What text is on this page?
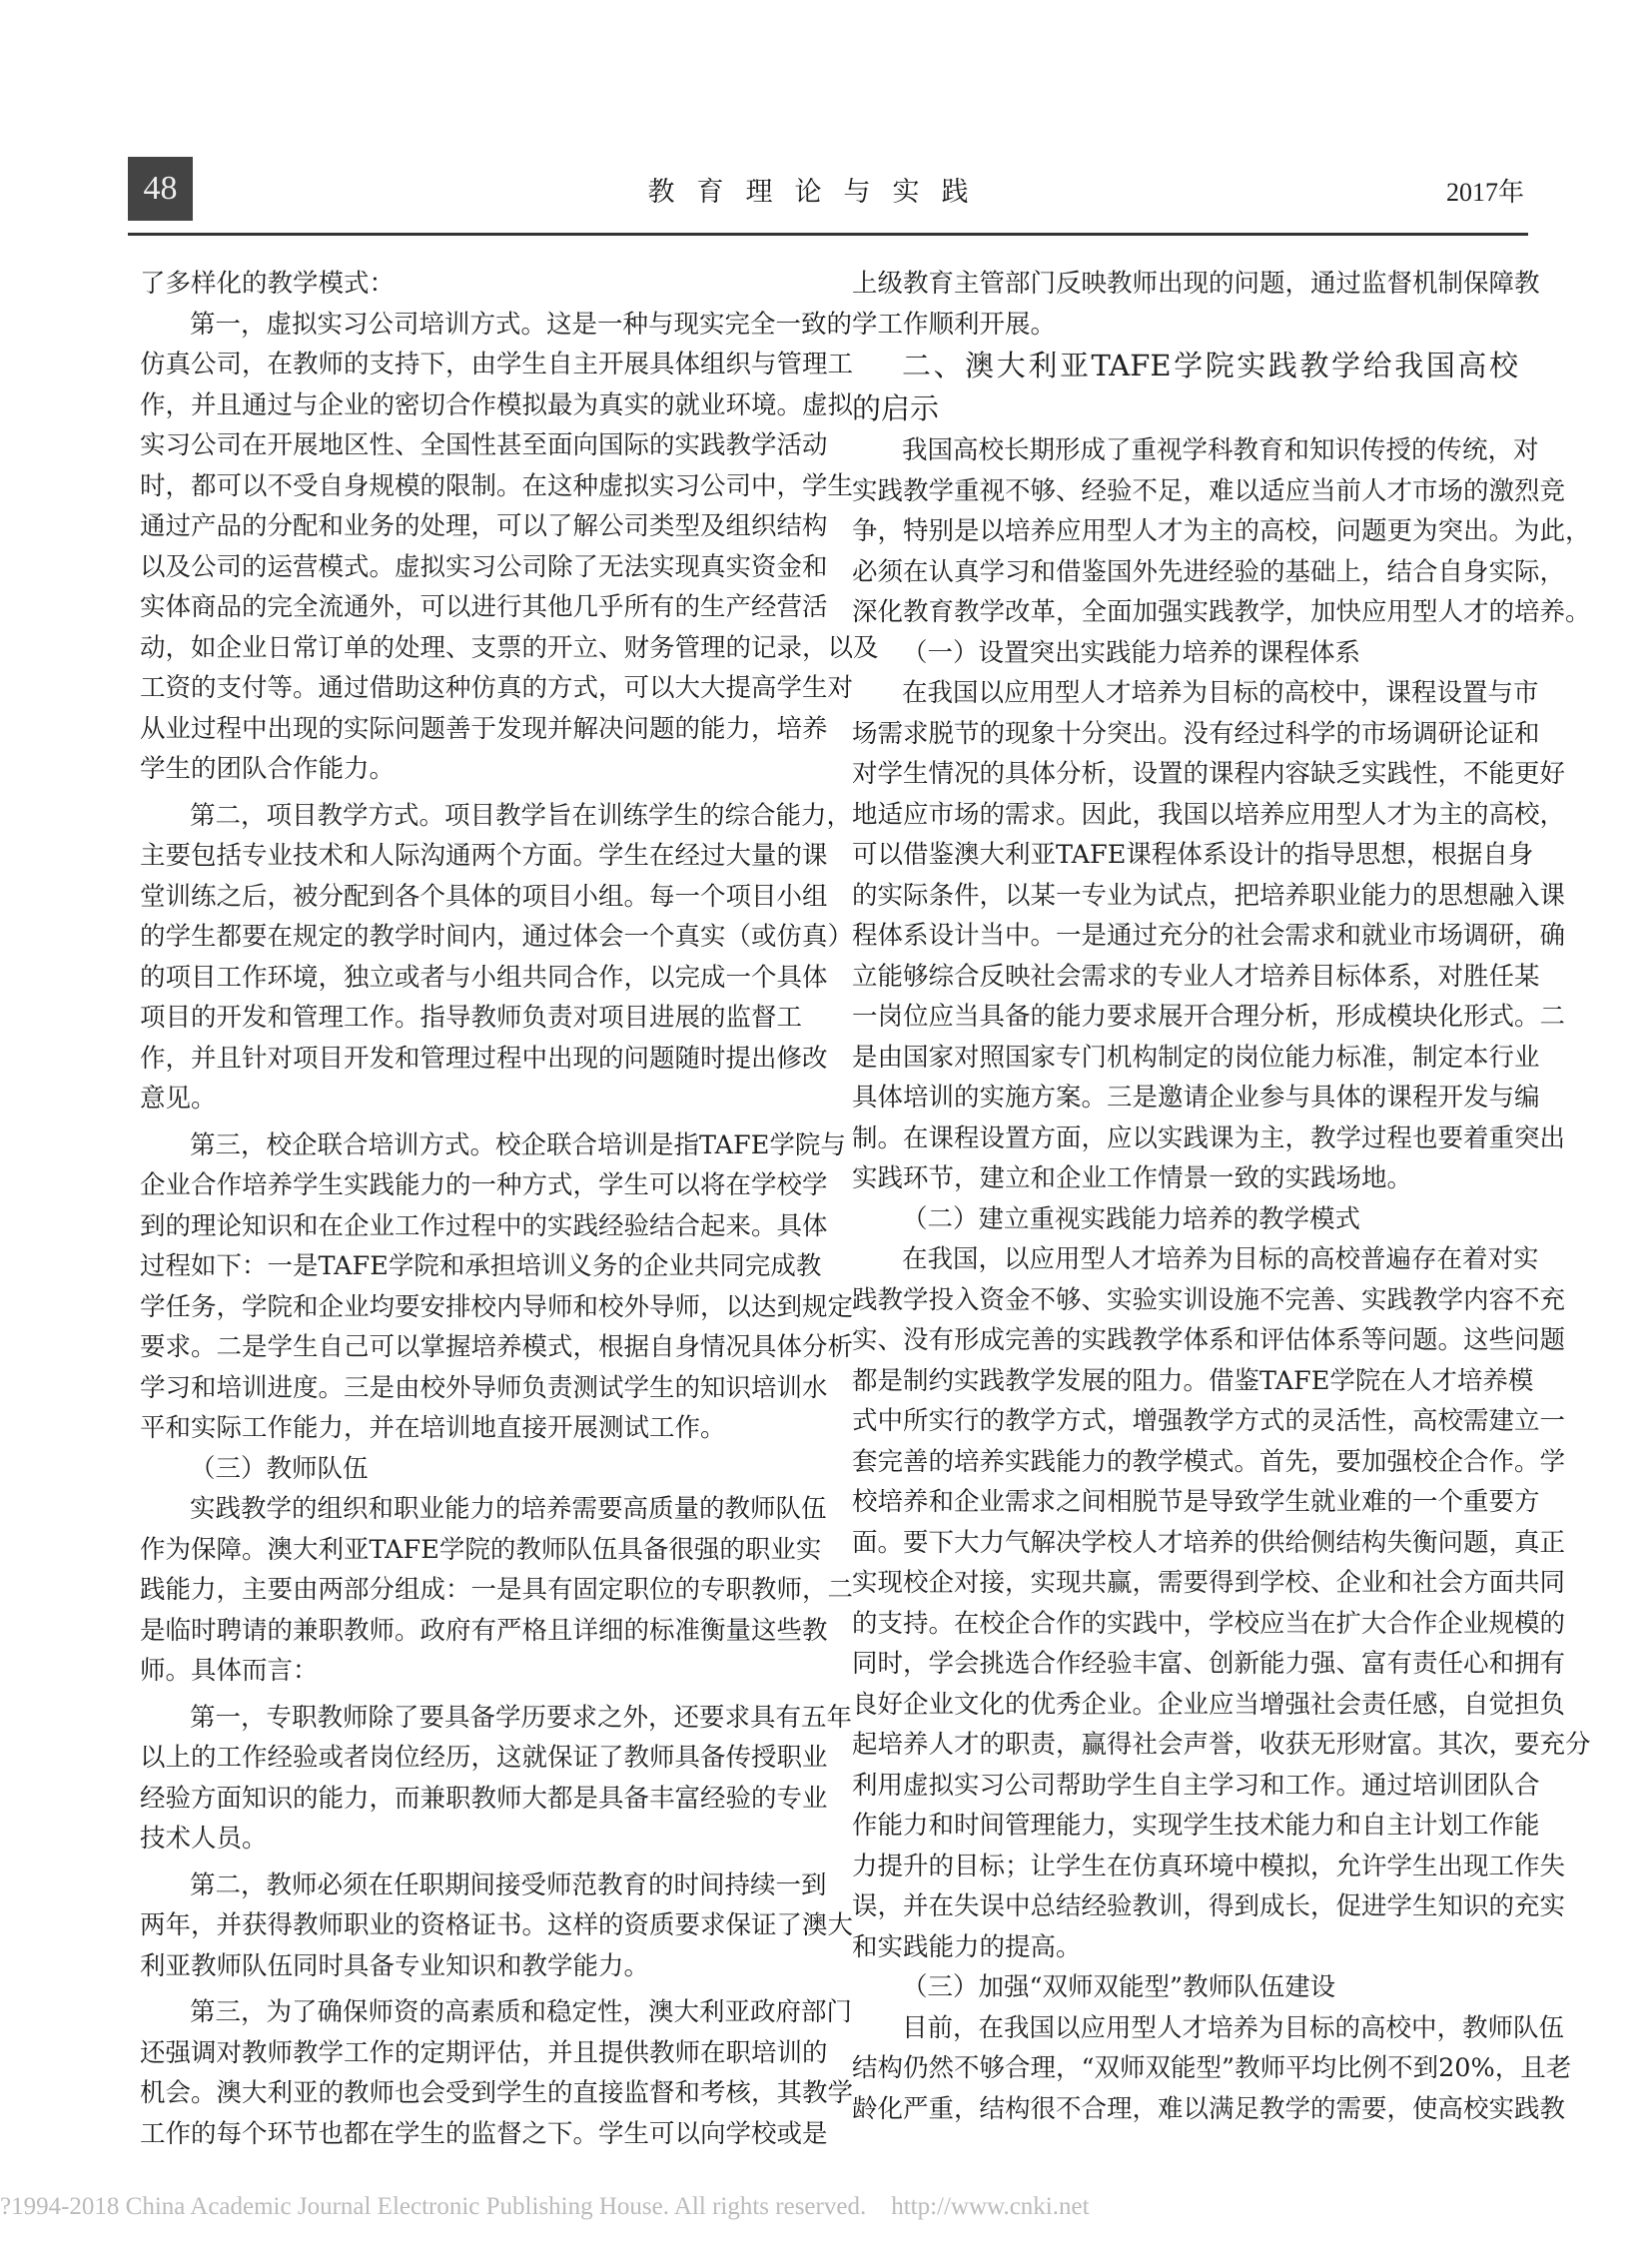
48	教育理论与实践	2017年
了多样化的教学模式：
第一，虚拟实习公司培训方式。这是一种与现实完全一致的
仿真公司，在教师的支持下，由学生自主开展具体组织与管理工
作，并且通过与企业的密切合作模拟最为真实的就业环境。虚拟
实习公司在开展地区性、全国性甚至面向国际的实践教学活动
时，都可以不受自身规模的限制。在这种虚拟实习公司中，学生
通过产品的分配和业务的处理，可以了解公司类型及组织结构
以及公司的运营模式。虚拟实习公司除了无法实现真实资金和
实体商品的完全流通外，可以进行其他几乎所有的生产经营活
动，如企业日常订单的处理、支票的开立、财务管理的记录，以及
工资的支付等。通过借助这种仿真的方式，可以大大提高学生对
从业过程中出现的实际问题善于发现并解决问题的能力，培养
学生的团队合作能力。
第二，项目教学方式。项目教学旨在训练学生的综合能力，
主要包括专业技术和人际沟通两个方面。学生在经过大量的课
堂训练之后，被分配到各个具体的项目小组。每一个项目小组
的学生都要在规定的教学时间内，通过体会一个真实（或仿真）
的项目工作环境，独立或者与小组共同合作，以完成一个具体
项目的开发和管理工作。指导教师负责对项目进展的监督工
作，并且针对项目开发和管理过程中出现的问题随时提出修改
意见。
第三，校企联合培训方式。校企联合培训是指TAFE学院与
企业合作培养学生实践能力的一种方式，学生可以将在学校学
到的理论知识和在企业工作过程中的实践经验结合起来。具体
过程如下：一是TAFE学院和承担培训义务的企业共同完成教
学任务，学院和企业均要安排校内导师和校外导师，以达到规定
要求。二是学生自己可以掌握培养模式，根据自身情况具体分析
学习和培训进度。三是由校外导师负责测试学生的知识培训水
平和实际工作能力，并在培训地直接开展测试工作。
（三）教师队伍
实践教学的组织和职业能力的培养需要高质量的教师队伍
作为保障。澳大利亚TAFE学院的教师队伍具备很强的职业实
践能力，主要由两部分组成：一是具有固定职位的专职教师，二
是临时聘请的兼职教师。政府有严格且详细的标准衡量这些教
师。具体而言：
第一，专职教师除了要具备学历要求之外，还要求具有五年
以上的工作经验或者岗位经历，这就保证了教师具备传授职业
经验方面知识的能力，而兼职教师大都是具备丰富经验的专业
技术人员。
第二，教师必须在任职期间接受师范教育的时间持续一到
两年，并获得教师职业的资格证书。这样的资质要求保证了澳大
利亚教师队伍同时具备专业知识和教学能力。
第三，为了确保师资的高素质和稳定性，澳大利亚政府部门
还强调对教师教学工作的定期评估，并且提供教师在职培训的
机会。澳大利亚的教师也会受到学生的直接监督和考核，其教学
工作的每个环节也都在学生的监督之下。学生可以向学校或是
上级教育主管部门反映教师出现的问题，通过监督机制保障教
学工作顺利开展。
二、澳大利亚TAFE学院实践教学给我国高校
的启示
我国高校长期形成了重视学科教育和知识传授的传统，对
实践教学重视不够、经验不足，难以适应当前人才市场的激烈竞
争，特别是以培养应用型人才为主的高校，问题更为突出。为此，
必须在认真学习和借鉴国外先进经验的基础上，结合自身实际，
深化教育教学改革，全面加强实践教学，加快应用型人才的培养。
（一）设置突出实践能力培养的课程体系
在我国以应用型人才培养为目标的高校中，课程设置与市
场需求脱节的现象十分突出。没有经过科学的市场调研论证和
对学生情况的具体分析，设置的课程内容缺乏实践性，不能更好
地适应市场的需求。因此，我国以培养应用型人才为主的高校，
可以借鉴澳大利亚TAFE课程体系设计的指导思想，根据自身
的实际条件，以某一专业为试点，把培养职业能力的思想融入课
程体系设计当中。一是通过充分的社会需求和就业市场调研，确
立能够综合反映社会需求的专业人才培养目标体系，对胜任某
一岗位应当具备的能力要求展开合理分析，形成模块化形式。二
是由国家对照国家专门机构制定的岗位能力标准，制定本行业
具体培训的实施方案。三是邀请企业参与具体的课程开发与编
制。在课程设置方面，应以实践课为主，教学过程也要着重突出
实践环节，建立和企业工作情景一致的实践场地。
（二）建立重视实践能力培养的教学模式
在我国，以应用型人才培养为目标的高校普遍存在着对实
践教学投入资金不够、实验实训设施不完善、实践教学内容不充
实、没有形成完善的实践教学体系和评估体系等问题。这些问题
都是制约实践教学发展的阻力。借鉴TAFE学院在人才培养模
式中所实行的教学方式，增强教学方式的灵活性，高校需建立一
套完善的培养实践能力的教学模式。首先，要加强校企合作。学
校培养和企业需求之间相脱节是导致学生就业难的一个重要方
面。要下大力气解决学校人才培养的供给侧结构失衡问题，真正
实现校企对接，实现共赢，需要得到学校、企业和社会方面共同
的支持。在校企合作的实践中，学校应当在扩大合作企业规模的
同时，学会挑选合作经验丰富、创新能力强、富有责任心和拥有
良好企业文化的优秀企业。企业应当增强社会责任感，自觉担负
起培养人才的职责，赢得社会声誉，收获无形财富。其次，要充分
利用虚拟实习公司帮助学生自主学习和工作。通过培训团队合
作能力和时间管理能力，实现学生技术能力和自主计划工作能
力提升的目标；让学生在仿真环境中模拟，允许学生出现工作失
误，并在失误中总结经验教训，得到成长，促进学生知识的充实
和实践能力的提高。
（三）加强“双师双能型”教师队伍建设
目前，在我国以应用型人才培养为目标的高校中，教师队伍
结构仍然不够合理，“双师双能型”教师平均比例不到20%，且老
龄化严重，结构很不合理，难以满足教学的需要，使高校实践教
?1994-2018 China Academic Journal Electronic Publishing House. All rights reserved. http://www.cnki.net
